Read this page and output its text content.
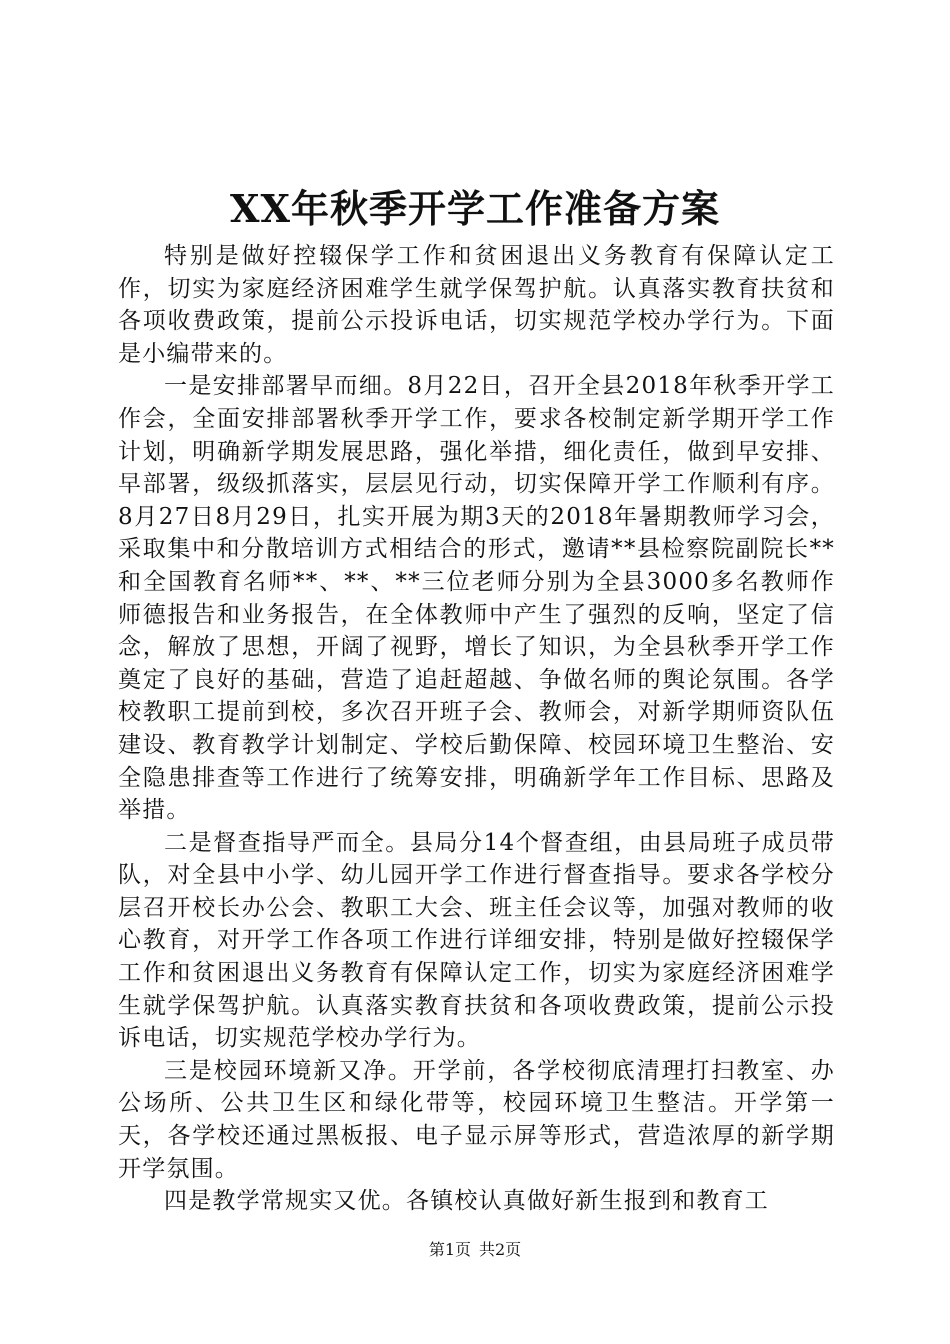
XX年秋季开学工作准备方案

特别是做好控辍保学工作和贫困退出义务教育有保障认定工作，切实为家庭经济困难学生就学保驾护航。认真落实教育扶贫和各项收费政策，提前公示投诉电话，切实规范学校办学行为。下面是小编带来的。

一是安排部署早而细。8月22日，召开全县2018年秋季开学工作会，全面安排部署秋季开学工作，要求各校制定新学期开学工作计划，明确新学期发展思路，强化举措，细化责任，做到早安排、早部署，级级抓落实，层层见行动，切实保障开学工作顺利有序。8月27日8月29日，扎实开展为期3天的2018年暑期教师学习会，采取集中和分散培训方式相结合的形式，邀请**县检察院副院长**和全国教育名师**、**、**三位老师分别为全县3000多名教师作师德报告和业务报告，在全体教师中产生了强烈的反响，坚定了信念，解放了思想，开阔了视野，增长了知识，为全县秋季开学工作奠定了良好的基础，营造了追赶超越、争做名师的舆论氛围。各学校教职工提前到校，多次召开班子会、教师会，对新学期师资队伍建设、教育教学计划制定、学校后勤保障、校园环境卫生整治、安全隐患排查等工作进行了统筹安排，明确新学年工作目标、思路及举措。

二是督查指导严而全。县局分14个督查组，由县局班子成员带队，对全县中小学、幼儿园开学工作进行督查指导。要求各学校分层召开校长办公会、教职工大会、班主任会议等，加强对教师的收心教育，对开学工作各项工作进行详细安排，特别是做好控辍保学工作和贫困退出义务教育有保障认定工作，切实为家庭经济困难学生就学保驾护航。认真落实教育扶贫和各项收费政策，提前公示投诉电话，切实规范学校办学行为。

三是校园环境新又净。开学前，各学校彻底清理打扫教室、办公场所、公共卫生区和绿化带等，校园环境卫生整洁。开学第一天，各学校还通过黑板报、电子显示屏等形式，营造浓厚的新学期开学氛围。

四是教学常规实又优。各镇校认真做好新生报到和教育工

第1页 共2页
